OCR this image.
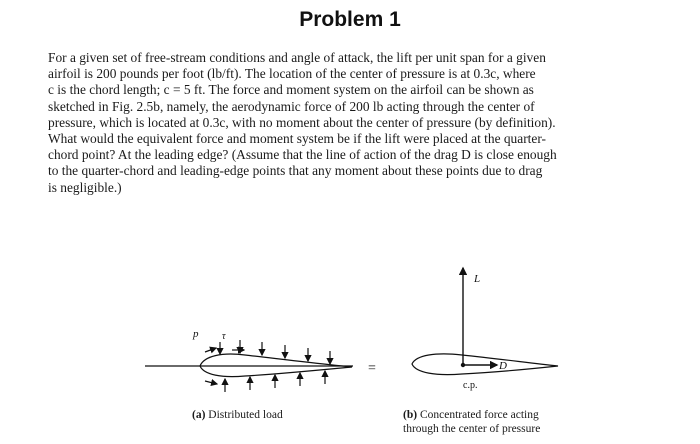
Problem 1
For a given set of free-stream conditions and angle of attack, the lift per unit span for a given
airfoil is 200 pounds per foot (lb/ft). The location of the center of pressure is at 0.3c, where
c is the chord length; c = 5 ft. The force and moment system on the airfoil can be shown as
sketched in Fig. 2.5b, namely, the aerodynamic force of 200 lb acting through the center of
pressure, which is located at 0.3c, with no moment about the center of pressure (by definition).
What would the equivalent force and moment system be if the lift were placed at the quarter-
chord point? At the leading edge? (Assume that the line of action of the drag D is close enough
to the quarter-chord and leading-edge points that any moment about these points due to drag
is negligible.)
p τ
=
L
D
c.p.
(a) Distributed load	(b) Concentrated force acting
through the center of pressure
